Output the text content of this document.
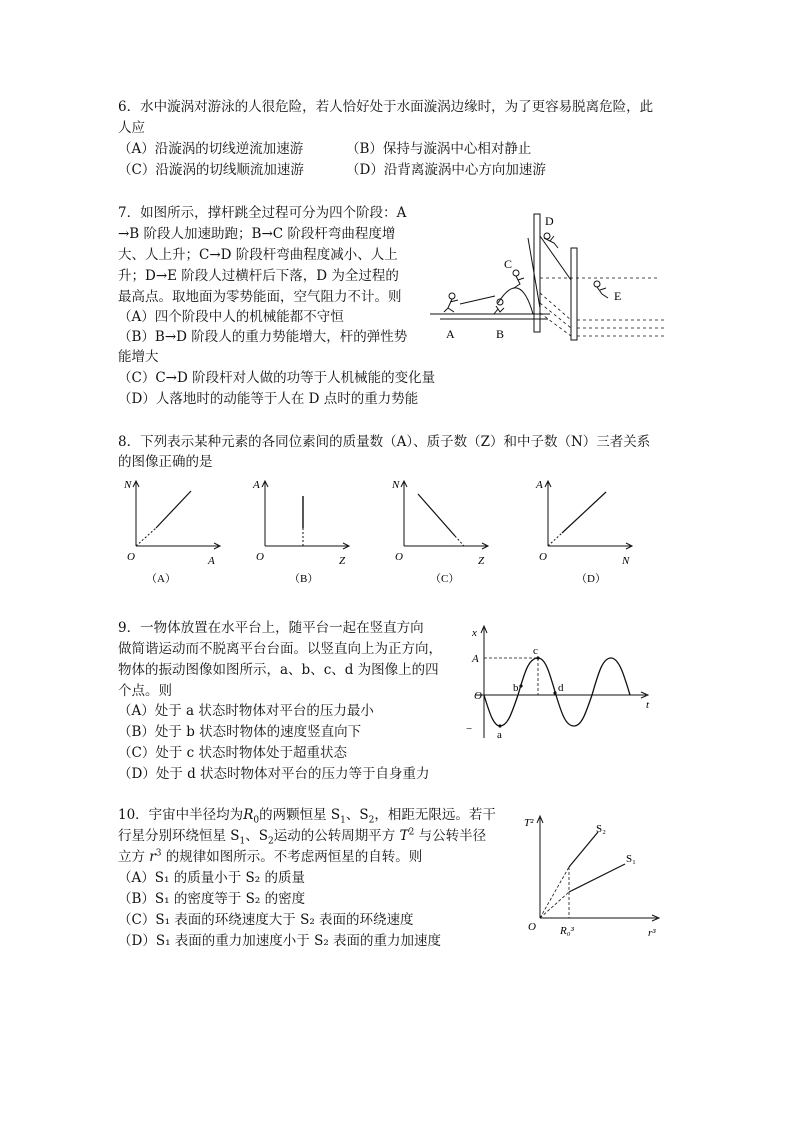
6．水中漩涡对游泳的人很危险，若人恰好处于水面漩涡边缘时，为了更容易脱离危险，此
人应
（A）沿漩涡的切线逆流加速游	（B）保持与漩涡中心相对静止
（C）沿漩涡的切线顺流加速游	（D）沿背离漩涡中心方向加速游
7．如图所示，撑杆跳全过程可分为四个阶段：A
→B 阶段人加速助跑；B→C 阶段杆弯曲程度增
大、人上升；C→D 阶段杆弯曲程度减小、人上
升；D→E 阶段人过横杆后下落，D 为全过程的
最高点。取地面为零势能面，空气阻力不计。则
（A）四个阶段中人的机械能都不守恒
（B）B→D 阶段人的重力势能增大，杆的弹性势
能增大
（C）C→D 阶段杆对人做的功等于人机械能的变化量
（D）人落地时的动能等于人在 D 点时的重力势能
A	B
C
D
E
8．下列表示某种元素的各同位素间的质量数（A）、质子数（Z）和中子数（N）三者关系
的图像正确的是
N
A
O
（A）
A
Z
O
（B）
N
Z
O
（C）
A
N
O
（D）
9．一物体放置在水平台上，随平台一起在竖直方向
做简谐运动而不脱离平台台面。以竖直向上为正方向，
物体的振动图像如图所示，a、b、c、d 为图像上的四
个点。则
（A）处于 a 状态时物体对平台的压力最小
（B）处于 b 状态时物体的速度竖直向下
（C）处于 c 状态时物体处于超重状态
（D）处于 d 状态时物体对平台的压力等于自身重力
x
t
O
A
− a
b
c
d
10．宇宙中半径均为$R_0$的两颗恒星 $S_1$、$S_2$，相距无限远。若干
行星分别环绕恒星 $S_1$、$S_2$运动的公转周期平方 $T^2$ 与公转半径
立方 $r^3$ 的规律如图所示。不考虑两恒星的自转。则
（A）S₁ 的质量小于 S₂ 的质量
（B）S₁ 的密度等于 S₂ 的密度
（C）S₁ 表面的环绕速度大于 S₂ 表面的环绕速度
（D）S₁ 表面的重力加速度小于 S₂ 表面的重力加速度
T²
r³
O
S₂
S₁
R₀³
